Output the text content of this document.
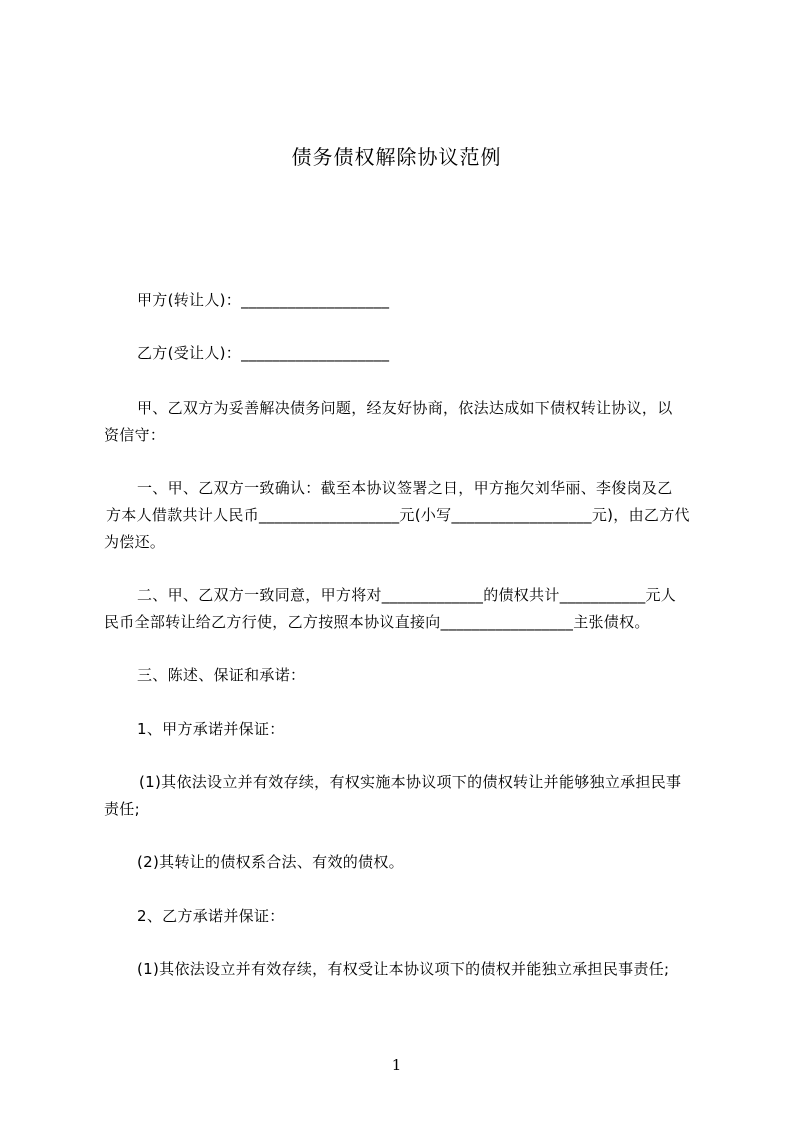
债务债权解除协议范例
甲方(转让人)：___________________
乙方(受让人)：___________________
甲、乙双方为妥善解决债务问题，经友好协商，依法达成如下债权转让协议，以
资信守：
一、甲、乙双方一致确认：截至本协议签署之日，甲方拖欠刘华丽、李俊岗及乙
方本人借款共计人民币__________________元(小写__________________元)，由乙方代
为偿还。
二、甲、乙双方一致同意，甲方将对_____________的债权共计___________元人
民币全部转让给乙方行使，乙方按照本协议直接向_________________主张债权。
三、陈述、保证和承诺：
1、甲方承诺并保证：
(1)其依法设立并有效存续，有权实施本协议项下的债权转让并能够独立承担民事
责任;
(2)其转让的债权系合法、有效的债权。
2、乙方承诺并保证：
(1)其依法设立并有效存续，有权受让本协议项下的债权并能独立承担民事责任;
1
